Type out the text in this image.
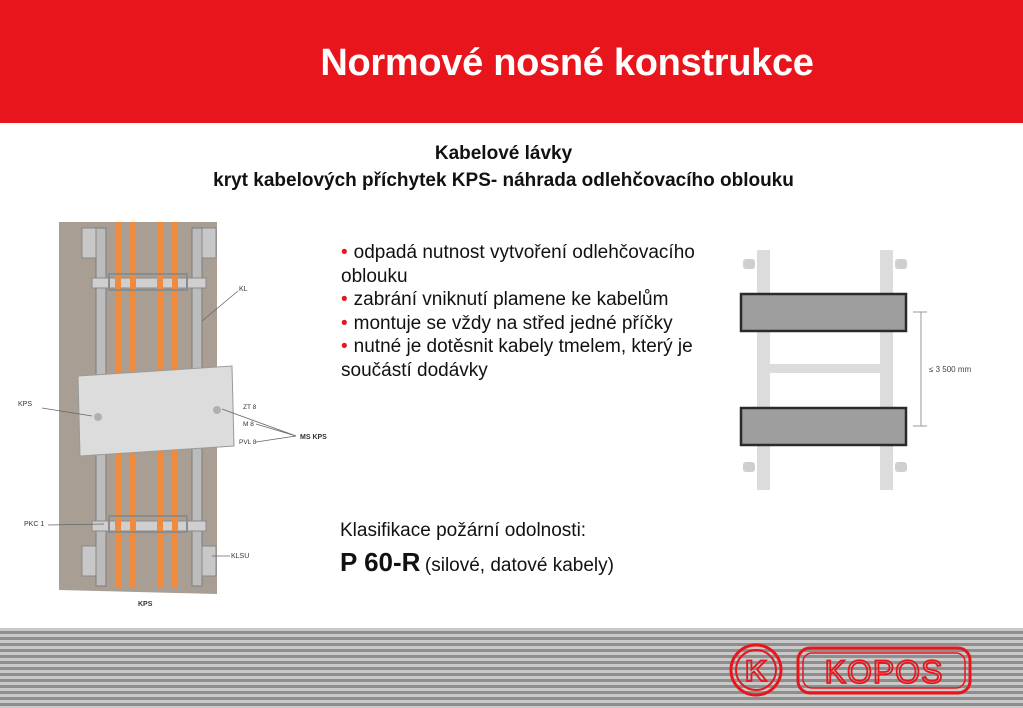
Normové nosné konstrukce
Kabelové lávky
kryt kabelových příchytek KPS- náhrada odlehčovacího oblouku
KL
KPS	ZT 8
M 8
PVL 8
MS KPS
PKC 1
KLSU
KPS
• odpadá nutnost vytvoření odlehčovacího oblouku
• zabrání vniknutí plamene ke kabelům
• montuje se vždy na střed jedné příčky
• nutné je dotěsnit kabely tmelem, který je součástí dodávky	≤ 3 500 mm
Klasifikace požární odolnosti:
P 60-R (silové, datové kabely)
K KOPOS
